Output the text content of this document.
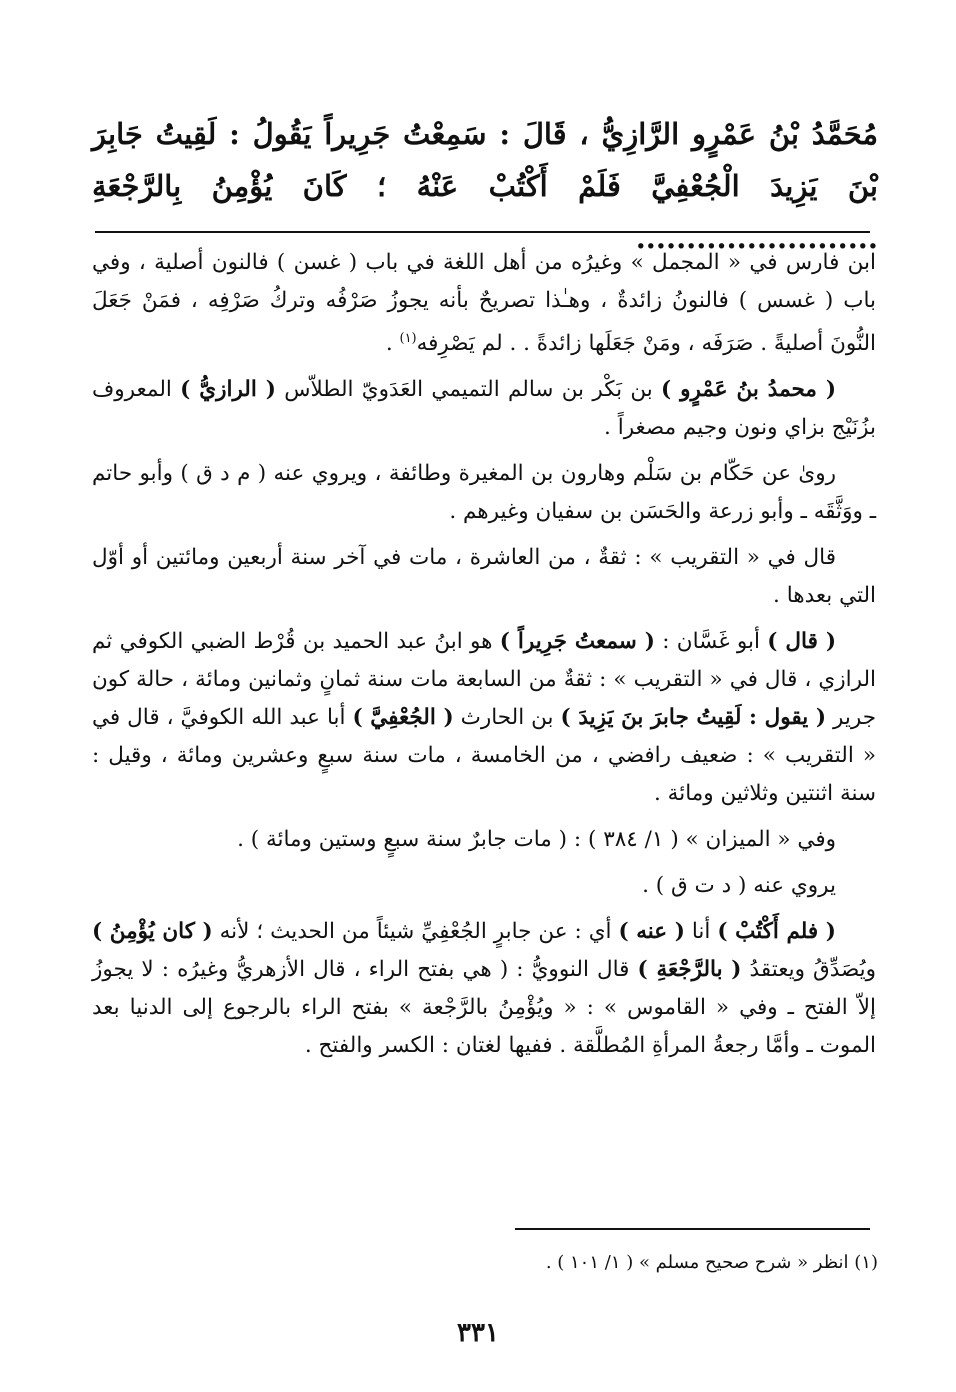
مُحَمَّدُ بْنُ عَمْرٍو الرَّازِيُّ ، قَالَ : سَمِعْتُ جَرِيراً يَقُولُ : لَقِيتُ جَابِرَ بْنَ يَزِيدَ الْجُعْفِيَّ فَلَمْ أَكْتُبْ عَنْهُ ؛ كَانَ يُؤْمِنُ بِالرَّجْعَةِ ........................

ابن فارس في « المجمل » وغيرُه من أهل اللغة في باب ( غسن ) فالنون أصلية ، وفي باب ( غسس ) فالنونُ زائدةٌ ، وهـٰذا تصريحٌ بأنه يجوزُ صَرْفُه وتركُ صَرْفِه ، فمَنْ جَعَلَ النُّونَ أصليةً . صَرَفَه ، ومَنْ جَعَلَها زائدةً . . لم يَصْرِفه$^{(١)}$ .

( محمدُ بنُ عَمْرٍو ) بن بَكْر بن سالم التميمي العَدَويّ الطلاّس ( الرازيُّ ) المعروف بزُنَيْج بزاي ونون وجيم مصغراً .

روىٰ عن حَكّام بن سَلْم وهارون بن المغيرة وطائفة ، ويروي عنه ( م د ق ) وأبو حاتم ـ ووَثَّقَه ـ وأبو زرعة والحَسَن بن سفيان وغيرهم .

قال في « التقريب » : ثقةٌ ، من العاشرة ، مات في آخر سنة أربعين ومائتين أو أوّل التي بعدها .

( قال ) أبو غَسَّان : ( سمعتُ جَرِيراً ) هو ابنُ عبد الحميد بن قُرْط الضبي الكوفي ثم الرازي ، قال في « التقريب » : ثقةٌ من السابعة مات سنة ثمانٍ وثمانين ومائة ، حالة كون جرير ( يقول : لَقِيتُ جابرَ بنَ يَزِيدَ ) بن الحارث ( الجُعْفِيَّ ) أبا عبد الله الكوفيَّ ، قال في « التقريب » : ضعيف رافضي ، من الخامسة ، مات سنة سبعٍ وعشرين ومائة ، وقيل : سنة اثنتين وثلاثين ومائة .

وفي « الميزان » ( ١/ ٣٨٤ ) : ( مات جابرٌ سنة سبعٍ وستين ومائة ) .

يروي عنه ( د ت ق ) .

( فلم أَكْتُبْ ) أنا ( عنه ) أي : عن جابرٍ الجُعْفِيِّ شيئاً من الحديث ؛ لأنه ( كان يُؤْمِنُ ) ويُصَدِّقُ ويعتقدُ ( بالرَّجْعَةِ ) قال النوويُّ : ( هي بفتح الراء ، قال الأزهريُّ وغيرُه : لا يجوزُ إلاّ الفتح ـ وفي « القاموس » : « ويُؤْمِنُ بالرَّجْعة » بفتح الراء بالرجوع إلى الدنيا بعد الموت ـ وأمَّا رجعةُ المرأةِ المُطلَّقة . ففيها لغتان : الكسر والفتح .

(١) انظر « شرح صحيح مسلم » ( ١/ ١٠١ ) .
٣٣١
